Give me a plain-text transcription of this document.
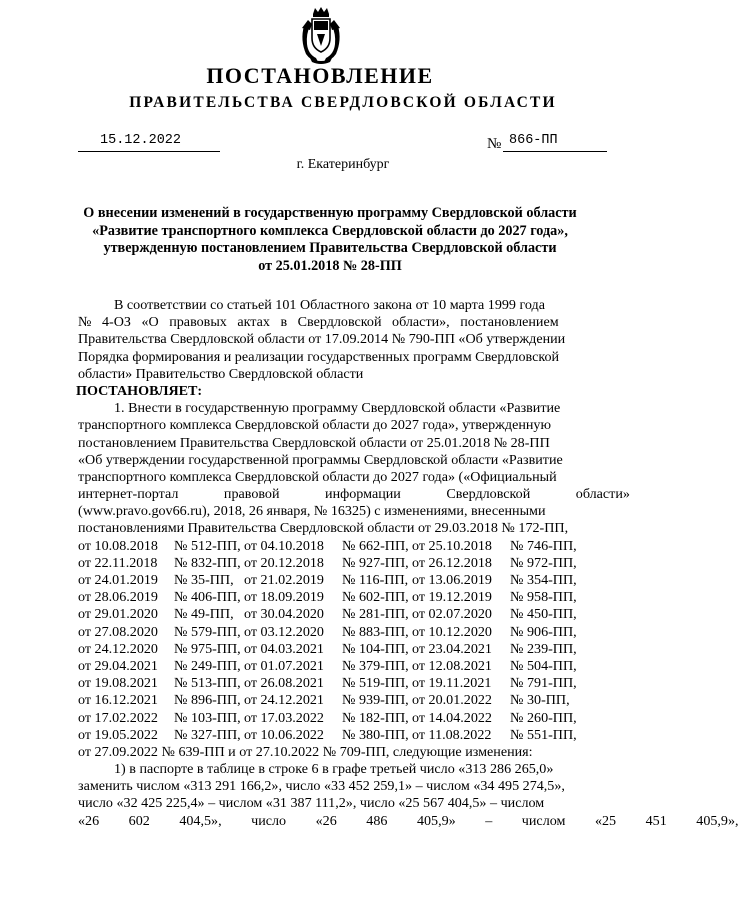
ПОСТАНОВЛЕНИЕ
ПРАВИТЕЛЬСТВА СВЕРДЛОВСКОЙ ОБЛАСТИ
15.12.2022	№ 866-ПП
г. Екатеринбург
О внесении изменений в государственную программу Свердловской области
«Развитие транспортного комплекса Свердловской области до 2027 года»,
утвержденную постановлением Правительства Свердловской области
от 25.01.2018 № 28-ПП
В соответствии со статьей 101 Областного закона от 10 марта 1999 года
№ 4-ОЗ «О правовых актах в Свердловской области», постановлением
Правительства Свердловской области от 17.09.2014 № 790-ПП «Об утверждении
Порядка формирования и реализации государственных программ Свердловской
области» Правительство Свердловской области
ПОСТАНОВЛЯЕТ:
1. Внести в государственную программу Свердловской области «Развитие
транспортного комплекса Свердловской области до 2027 года», утвержденную
постановлением Правительства Свердловской области от 25.01.2018 № 28-ПП
«Об утверждении государственной программы Свердловской области «Развитие
транспортного комплекса Свердловской области до 2027 года» («Официальный
интернет-портал правовой информации Свердловской области»
(www.pravo.gov66.ru), 2018, 26 января, № 16325) с изменениями, внесенными
постановлениями Правительства Свердловской области от 29.03.2018 № 172-ПП,
от 10.08.2018	№ 512-ПП, от 04.10.2018	№ 662-ПП, от 25.10.2018	№ 746-ПП,
от 22.11.2018	№ 832-ПП, от 20.12.2018	№ 927-ПП, от 26.12.2018	№ 972-ПП,
от 24.01.2019	№ 35-ПП, от 21.02.2019	№ 116-ПП, от 13.06.2019	№ 354-ПП,
от 28.06.2019	№ 406-ПП, от 18.09.2019	№ 602-ПП, от 19.12.2019	№ 958-ПП,
от 29.01.2020	№ 49-ПП, от 30.04.2020	№ 281-ПП, от 02.07.2020	№ 450-ПП,
от 27.08.2020	№ 579-ПП, от 03.12.2020	№ 883-ПП, от 10.12.2020	№ 906-ПП,
от 24.12.2020	№ 975-ПП, от 04.03.2021	№ 104-ПП, от 23.04.2021	№ 239-ПП,
от 29.04.2021	№ 249-ПП, от 01.07.2021	№ 379-ПП, от 12.08.2021	№ 504-ПП,
от 19.08.2021	№ 513-ПП, от 26.08.2021	№ 519-ПП, от 19.11.2021	№ 791-ПП,
от 16.12.2021	№ 896-ПП, от 24.12.2021	№ 939-ПП, от 20.01.2022	№ 30-ПП,
от 17.02.2022	№ 103-ПП, от 17.03.2022	№ 182-ПП, от 14.04.2022	№ 260-ПП,
от 19.05.2022	№ 327-ПП, от 10.06.2022	№ 380-ПП, от 11.08.2022	№ 551-ПП,
от 27.09.2022 № 639-ПП и от 27.10.2022 № 709-ПП, следующие изменения:
1) в паспорте в таблице в строке 6 в графе третьей число «313 286 265,0»
заменить числом «313 291 166,2», число «33 452 259,1» – числом «34 495 274,5»,
число «32 425 225,4» – числом «31 387 111,2», число «25 567 404,5» – числом
«26 602 404,5», число «26 486 405,9» – числом «25 451 405,9»,
